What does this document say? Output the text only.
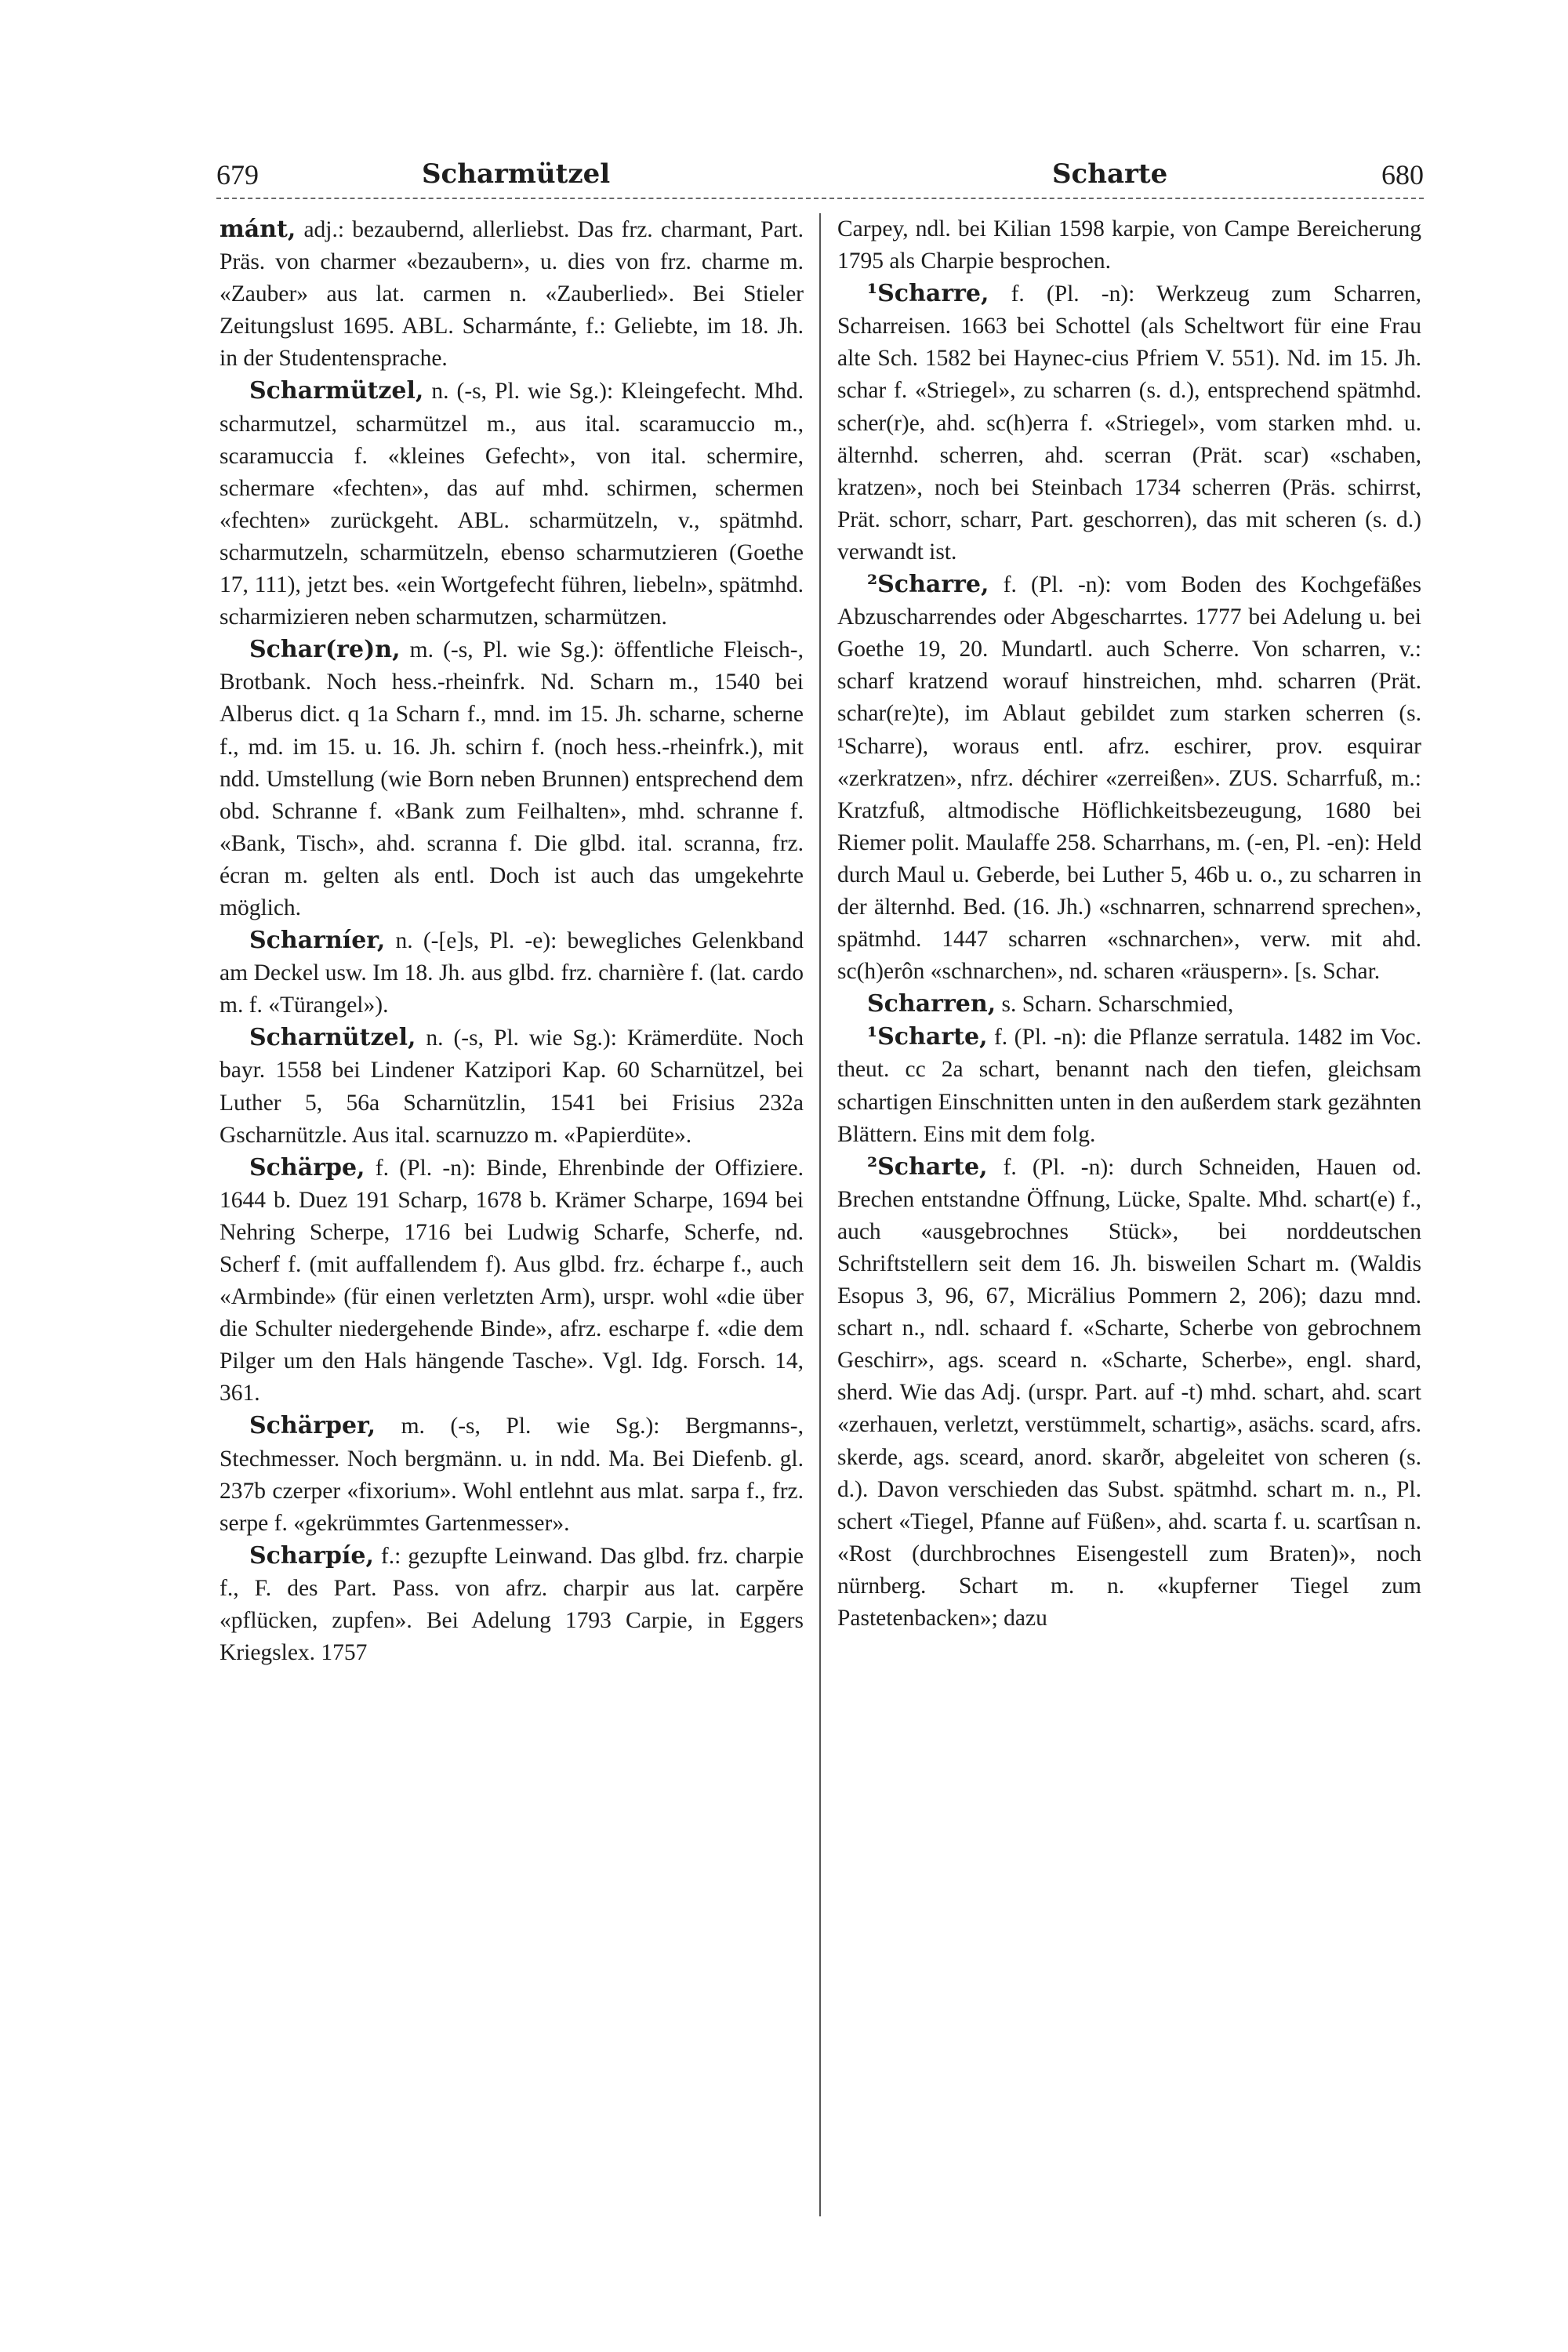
679	Scharmützel	Scharte	680

mánt, adj.: bezaubernd, allerliebst. Das frz. charmant, Part. Präs. von charmer «bezaubern», u. dies von frz. charme m. «Zauber» aus lat. carmen n. «Zauberlied». Bei Stieler Zeitungslust 1695. ABL. Scharmánte, f.: Geliebte, im 18. Jh. in der Studentensprache.

Scharmützel, n. (-s, Pl. wie Sg.): Kleingefecht. Mhd. scharmutzel, scharmützel m., aus ital. scaramuccio m., scaramuccia f. «kleines Gefecht», von ital. schermire, schermare «fechten», das auf mhd. schirmen, schermen «fechten» zurückgeht. ABL. scharmützeln, v., spätmhd. scharmutzeln, scharmützeln, ebenso scharmutzieren (Goethe 17, 111), jetzt bes. «ein Wortgefecht führen, liebeln», spätmhd. scharmizieren neben scharmutzen, scharmützen.

Schar(re)n, m. (-s, Pl. wie Sg.): öffentliche Fleisch-, Brotbank. Noch hess.-rheinfrk. Nd. Scharn m., 1540 bei Alberus dict. q 1a Scharn f., mnd. im 15. Jh. scharne, scherne f., md. im 15. u. 16. Jh. schirn f. (noch hess.-rheinfrk.), mit ndd. Umstellung (wie Born neben Brunnen) entsprechend dem obd. Schranne f. «Bank zum Feilhalten», mhd. schranne f. «Bank, Tisch», ahd. scranna f. Die glbd. ital. scranna, frz. écran m. gelten als entl. Doch ist auch das umgekehrte möglich.

Scharníer, n. (-[e]s, Pl. -e): bewegliches Gelenkband am Deckel usw. Im 18. Jh. aus glbd. frz. charnière f. (lat. cardo m. f. «Türangel»).

Scharnützel, n. (-s, Pl. wie Sg.): Krämerdüte. Noch bayr. 1558 bei Lindener Katzipori Kap. 60 Scharnützel, bei Luther 5, 56a Scharnützlin, 1541 bei Frisius 232a Gscharnützle. Aus ital. scarnuzzo m. «Papierdüte».

Schärpe, f. (Pl. -n): Binde, Ehrenbinde der Offiziere. 1644 b. Duez 191 Scharp, 1678 b. Krämer Scharpe, 1694 bei Nehring Scherpe, 1716 bei Ludwig Scharfe, Scherfe, nd. Scherf f. (mit auffallendem f). Aus glbd. frz. écharpe f., auch «Armbinde» (für einen verletzten Arm), urspr. wohl «die über die Schulter niedergehende Binde», afrz. escharpe f. «die dem Pilger um den Hals hängende Tasche». Vgl. Idg. Forsch. 14, 361.

Schärper, m. (-s, Pl. wie Sg.): Bergmanns-, Stechmesser. Noch bergmänn. u. in ndd. Ma. Bei Diefenb. gl. 237b czerper «fixorium». Wohl entlehnt aus mlat. sarpa f., frz. serpe f. «gekrümmtes Gartenmesser».

Scharpíe, f.: gezupfte Leinwand. Das glbd. frz. charpie f., F. des Part. Pass. von afrz. charpir aus lat. carpĕre «pflücken, zupfen». Bei Adelung 1793 Carpie, in Eggers Kriegslex. 1757

Carpey, ndl. bei Kilian 1598 karpie, von Campe Bereicherung 1795 als Charpie besprochen.

¹Scharre, f. (Pl. -n): Werkzeug zum Scharren, Scharreisen. 1663 bei Schottel (als Scheltwort für eine Frau alte Sch. 1582 bei Haynec-cius Pfriem V. 551). Nd. im 15. Jh. schar f. «Striegel», zu scharren (s. d.), entsprechend spätmhd. scher(r)e, ahd. sc(h)erra f. «Striegel», vom starken mhd. u. älternhd. scherren, ahd. scerran (Prät. scar) «schaben, kratzen», noch bei Steinbach 1734 scherren (Präs. schirrst, Prät. schorr, scharr, Part. geschorren), das mit scheren (s. d.) verwandt ist.

²Scharre, f. (Pl. -n): vom Boden des Kochgefäßes Abzuscharrendes oder Abgescharrtes. 1777 bei Adelung u. bei Goethe 19, 20. Mundartl. auch Scherre. Von scharren, v.: scharf kratzend worauf hinstreichen, mhd. scharren (Prät. schar(re)te), im Ablaut gebildet zum starken scherren (s. ¹Scharre), woraus entl. afrz. eschirer, prov. esquirar «zerkratzen», nfrz. déchirer «zerreißen». ZUS. Scharrfuß, m.: Kratzfuß, altmodische Höflichkeitsbezeugung, 1680 bei Riemer polit. Maulaffe 258. Scharrhans, m. (-en, Pl. -en): Held durch Maul u. Geberde, bei Luther 5, 46b u. o., zu scharren in der älternhd. Bed. (16. Jh.) «schnarren, schnarrend sprechen», spätmhd. 1447 scharren «schnarchen», verw. mit ahd. sc(h)erôn «schnarchen», nd. scharen «räuspern». [s. Schar.

Scharren, s. Scharn. Scharschmied,

¹Scharte, f. (Pl. -n): die Pflanze serratula. 1482 im Voc. theut. cc 2a schart, benannt nach den tiefen, gleichsam schartigen Einschnitten unten in den außerdem stark gezähnten Blättern. Eins mit dem folg.

²Scharte, f. (Pl. -n): durch Schneiden, Hauen od. Brechen entstandne Öffnung, Lücke, Spalte. Mhd. schart(e) f., auch «ausgebrochnes Stück», bei norddeutschen Schriftstellern seit dem 16. Jh. bisweilen Schart m. (Waldis Esopus 3, 96, 67, Micrälius Pommern 2, 206); dazu mnd. schart n., ndl. schaard f. «Scharte, Scherbe von gebrochnem Geschirr», ags. sceard n. «Scharte, Scherbe», engl. shard, sherd. Wie das Adj. (urspr. Part. auf -t) mhd. schart, ahd. scart «zerhauen, verletzt, verstümmelt, schartig», asächs. scard, afrs. skerde, ags. sceard, anord. skarðr, abgeleitet von scheren (s. d.). Davon verschieden das Subst. spätmhd. schart m. n., Pl. schert «Tiegel, Pfanne auf Füßen», ahd. scarta f. u. scartîsan n. «Rost (durchbrochnes Eisengestell zum Braten)», noch nürnberg. Schart m. n. «kupferner Tiegel zum Pastetenbacken»; dazu
